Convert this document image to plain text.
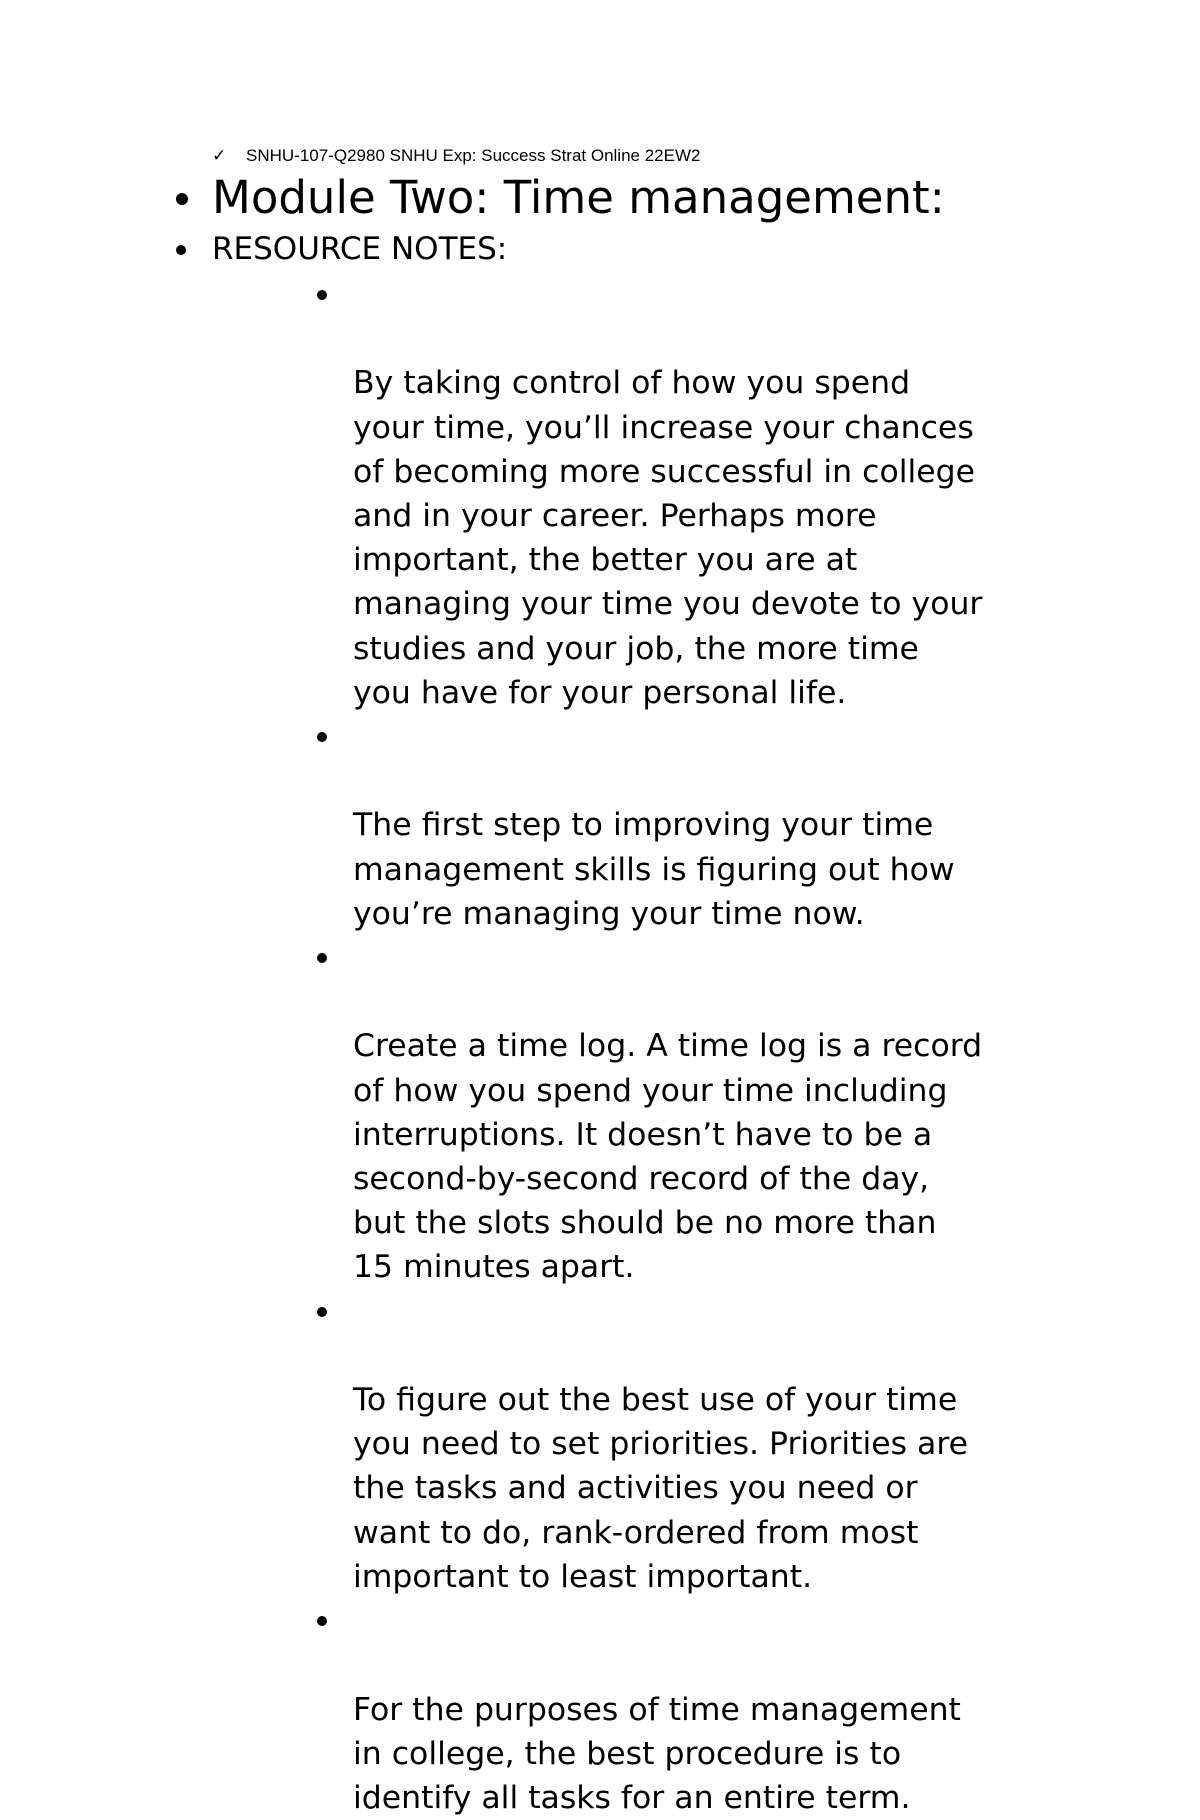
✓ SNHU-107-Q2980 SNHU Exp: Success Strat Online 22EW2
Module Two: Time management:
RESOURCE NOTES:

By taking control of how you spend
your time, you’ll increase your chances
of becoming more successful in college
and in your career. Perhaps more
important, the better you are at
managing your time you devote to your
studies and your job, the more time
you have for your personal life.

The first step to improving your time
management skills is figuring out how
you’re managing your time now.

Create a time log. A time log is a record
of how you spend your time including
interruptions. It doesn’t have to be a
second-by-second record of the day,
but the slots should be no more than
15 minutes apart.

To figure out the best use of your time
you need to set priorities. Priorities are
the tasks and activities you need or
want to do, rank-ordered from most
important to least important.

For the purposes of time management
in college, the best procedure is to
identify all tasks for an entire term.
